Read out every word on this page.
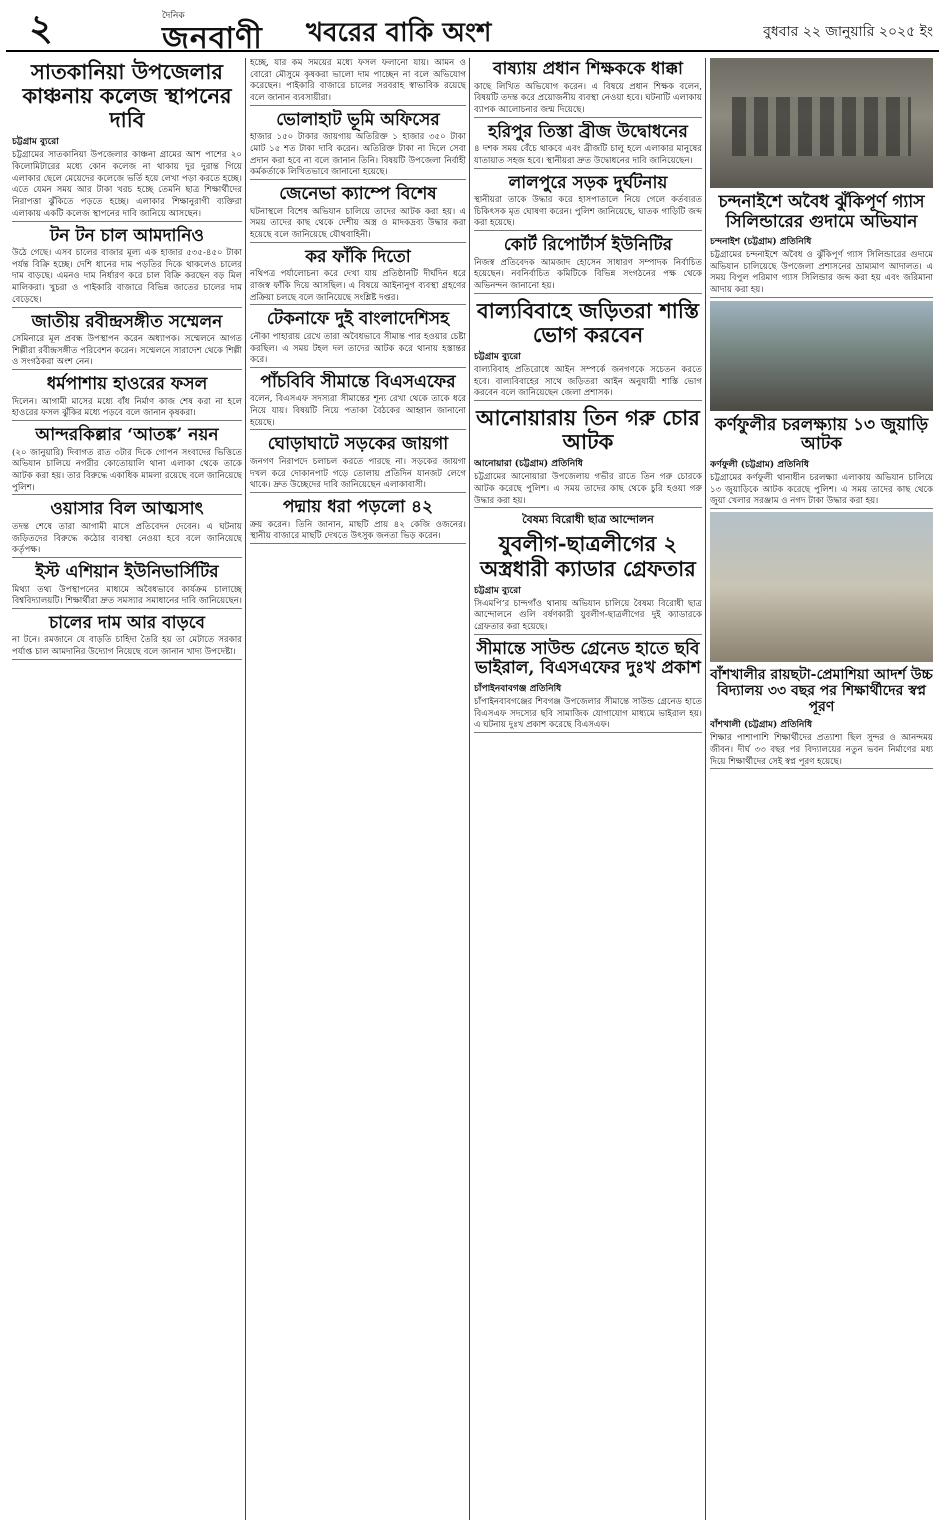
২	দৈনিক
জনবাণী খবরের বাকি অংশ	বুধবার ২২ জানুয়ারি ২০২৫ ইং
সাতকানিয়া উপজেলার কাঞ্চনায় কলেজ স্থাপনের দাবি
চট্টগ্রাম ব্যুরো
চট্টগ্রামের সাতকানিয়া উপজেলার কাঞ্চনা গ্রামের আশ পাশের ২০ কিলোমিটারের মধ্যে কোন কলেজ না থাকায় দুর দুরান্ত গিয়ে এলাকার ছেলে মেয়েদের কলেজে ভর্তি হয়ে লেখা পড়া করতে হচ্ছে। এতে যেমন সময় আর টাকা খরচ হচ্ছে তেমনি ছাত্র শিক্ষার্থীদের নিরাপত্তা ঝুঁকিতে পড়তে হচ্ছে। এলাকার শিক্ষানুরাগী ব্যক্তিরা এলাকায় একটি কলেজ স্থাপনের দাবি জানিয়ে আসছেন।
টন টন চাল আমদানিও
উঠে গেছে। এসব চালের বাজার মূল্য এক হাজার ৫৩৫-৪৫০ টাকা পর্যন্ত বিক্রি হচ্ছে। দেশি ধানের দাম পড়তির দিকে থাকলেও চালের দাম বাড়ছে। এমনও দাম নির্ধারণ করে চাল বিক্রি করছেন বড় মিল মালিকরা। খুচরা ও পাইকারি বাজারে বিভিন্ন জাতের চালের দাম বেড়েছে।
জাতীয় রবীন্দ্রসঙ্গীত সম্মেলন
সেমিনারে মূল প্রবন্ধ উপস্থাপন করেন অধ্যাপক। সম্মেলনে আগত শিল্পীরা রবীন্দ্রসঙ্গীত পরিবেশন করেন। সম্মেলনে সারাদেশ থেকে শিল্পী ও সংগঠকরা অংশ নেন।
ধর্মপাশায় হাওরের ফসল
দিলেন। আগামী মাসের মধ্যে বাঁধ নির্মাণ কাজ শেষ করা না হলে হাওরের ফসল ঝুঁকির মধ্যে পড়বে বলে জানান কৃষকরা।
আন্দরকিল্লার ‘আতঙ্ক’ নয়ন
(২০ জানুয়ারি) দিবাগত রাত ৩টার দিকে গোপন সংবাদের ভিত্তিতে অভিযান চালিয়ে নগরীর কোতোয়ালি থানা এলাকা থেকে তাকে আটক করা হয়। তার বিরুদ্ধে একাধিক মামলা রয়েছে বলে জানিয়েছে পুলিশ।
ওয়াসার বিল আত্মসাৎ
তদন্ত শেষে তারা আগামী মাসে প্রতিবেদন দেবেন। এ ঘটনায় জড়িতদের বিরুদ্ধে কঠোর ব্যবস্থা নেওয়া হবে বলে জানিয়েছে কর্তৃপক্ষ।
ইস্ট এশিয়ান ইউনিভার্সিটির
মিথ্যা তথ্য উপস্থাপনের মাধ্যমে অবৈধভাবে কার্যক্রম চালাচ্ছে বিশ্ববিদ্যালয়টি। শিক্ষার্থীরা দ্রুত সমস্যার সমাধানের দাবি জানিয়েছেন।
চালের দাম আর বাড়বে
না টনে। রমজানে যে বাড়তি চাহিদা তৈরি হয় তা মেটাতে সরকার পর্যাপ্ত চাল আমদানির উদ্যোগ নিয়েছে বলে জানান খাদ্য উপদেষ্টা।
হচ্ছে, যার কম সময়ের মধ্যে ফসল ফলানো যায়। আমন ও বোরো মৌসুমে কৃষকরা ভালো দাম পাচ্ছেন না বলে অভিযোগ করেছেন। পাইকারি বাজারে চালের সরবরাহ স্বাভাবিক রয়েছে বলে জানান ব্যবসায়ীরা।
ভোলাহাট ভূমি অফিসের
হাজার ১৫০ টাকার জায়গায় অতিরিক্ত ১ হাজার ৩৫০ টাকা মোট ১৫ শত টাকা দাবি করেন। অতিরিক্ত টাকা না দিলে সেবা প্রদান করা হবে না বলে জানান তিনি। বিষয়টি উপজেলা নির্বাহী কর্মকর্তাকে লিখিতভাবে জানানো হয়েছে।
জেনেভা ক্যাম্পে বিশেষ
ঘটনাস্থলে বিশেষ অভিযান চালিয়ে তাদের আটক করা হয়। এ সময় তাদের কাছ থেকে দেশীয় অস্ত্র ও মাদকদ্রব্য উদ্ধার করা হয়েছে বলে জানিয়েছে যৌথবাহিনী।
কর ফাঁকি দিতো
নথিপত্র পর্যালোচনা করে দেখা যায় প্রতিষ্ঠানটি দীর্ঘদিন ধরে রাজস্ব ফাঁকি দিয়ে আসছিল। এ বিষয়ে আইনানুগ ব্যবস্থা গ্রহণের প্রক্রিয়া চলছে বলে জানিয়েছে সংশ্লিষ্ট দপ্তর।
টেকনাফে দুই বাংলাদেশিসহ
নৌকা পাহারায় রেখে তারা অবৈধভাবে সীমান্ত পার হওয়ার চেষ্টা করছিল। এ সময় টহল দল তাদের আটক করে থানায় হস্তান্তর করে।
পাঁচবিবি সীমান্তে বিএসএফের
বলেন, বিএসএফ সদস্যরা সীমান্তের শূন্য রেখা থেকে তাকে ধরে নিয়ে যায়। বিষয়টি নিয়ে পতাকা বৈঠকের আহ্বান জানানো হয়েছে।
ঘোড়াঘাটে সড়কের জায়গা
জনগণ নিরাপদে চলাচল করতে পারছে না। সড়কের জায়গা দখল করে দোকানপাট গড়ে তোলায় প্রতিদিন যানজট লেগে থাকে। দ্রুত উচ্ছেদের দাবি জানিয়েছেন এলাকাবাসী।
পদ্মায় ধরা পড়লো ৪২
ক্রয় করেন। তিনি জানান, মাছটি প্রায় ৪২ কেজি ওজনের। স্থানীয় বাজারে মাছটি দেখতে উৎসুক জনতা ভিড় করেন।
বাষ্যায় প্রধান শিক্ষককে ধাক্কা
কাছে লিখিত অভিযোগ করেন। এ বিষয়ে প্রধান শিক্ষক বলেন, বিষয়টি তদন্ত করে প্রয়োজনীয় ব্যবস্থা নেওয়া হবে। ঘটনাটি এলাকায় ব্যাপক আলোচনার জন্ম দিয়েছে।
হরিপুর তিস্তা ব্রীজ উদ্বোধনের
৪ দশক সময় বেঁচে থাকবে এবং ব্রীজটি চালু হলে এলাকার মানুষের যাতায়াত সহজ হবে। স্থানীয়রা দ্রুত উদ্বোধনের দাবি জানিয়েছেন।
লালপুরে সড়ক দুর্ঘটনায়
স্থানীয়রা তাকে উদ্ধার করে হাসপাতালে নিয়ে গেলে কর্তব্যরত চিকিৎসক মৃত ঘোষণা করেন। পুলিশ জানিয়েছে, ঘাতক গাড়িটি জব্দ করা হয়েছে।
কোর্ট রিপোর্টার্স ইউনিটির
নিজস্ব প্রতিবেদক আমজাদ হোসেন সাধারণ সম্পাদক নির্বাচিত হয়েছেন। নবনির্বাচিত কমিটিকে বিভিন্ন সংগঠনের পক্ষ থেকে অভিনন্দন জানানো হয়।
বাল্যবিবাহে জড়িতরা শাস্তি ভোগ করবেন
চট্টগ্রাম ব্যুরো
বাল্যবিবাহ প্রতিরোধে আইন সম্পর্কে জনগণকে সচেতন করতে হবে। বাল্যবিবাহের সাথে জড়িতরা আইন অনুযায়ী শাস্তি ভোগ করবেন বলে জানিয়েছেন জেলা প্রশাসক।
আনোয়ারায় তিন গরু চোর আটক
আনোয়ারা (চট্টগ্রাম) প্রতিনিধি
চট্টগ্রামের আনোয়ারা উপজেলায় গভীর রাতে তিন গরু চোরকে আটক করেছে পুলিশ। এ সময় তাদের কাছ থেকে চুরি হওয়া গরু উদ্ধার করা হয়।
বৈষম্য বিরোধী ছাত্র আন্দোলন
যুবলীগ-ছাত্রলীগের ২ অস্ত্রধারী ক্যাডার গ্রেফতার
চট্টগ্রাম ব্যুরো
সিএমপি’র চান্দগাঁও থানায় অভিযান চালিয়ে বৈষম্য বিরোধী ছাত্র আন্দোলনে গুলি বর্ষণকারী যুবলীগ-ছাত্রলীগের দুই ক্যাডারকে গ্রেফতার করা হয়েছে।
সীমান্তে সাউন্ড গ্রেনেড হাতে ছবি ভাইরাল, বিএসএফের দুঃখ প্রকাশ
চাঁপাইনবাবগঞ্জ প্রতিনিধি
চাঁপাইনবাবগঞ্জের শিবগঞ্জ উপজেলার সীমান্তে সাউন্ড গ্রেনেড হাতে বিএসএফ সদস্যের ছবি সামাজিক যোগাযোগ মাধ্যমে ভাইরাল হয়। এ ঘটনায় দুঃখ প্রকাশ করেছে বিএসএফ।
চন্দনাইশে অবৈধ ঝুঁকিপূর্ণ গ্যাস সিলিন্ডারের গুদামে অভিযান
চন্দনাইশ (চট্টগ্রাম) প্রতিনিধি
চট্টগ্রামের চন্দনাইশে অবৈধ ও ঝুঁকিপূর্ণ গ্যাস সিলিন্ডারের গুদামে অভিযান চালিয়েছে উপজেলা প্রশাসনের ভ্রাম্যমাণ আদালত। এ সময় বিপুল পরিমাণ গ্যাস সিলিন্ডার জব্দ করা হয় এবং জরিমানা আদায় করা হয়।
কর্ণফুলীর চরলক্ষ্যায় ১৩ জুয়াড়ি আটক
কর্ণফুলী (চট্টগ্রাম) প্রতিনিধি
চট্টগ্রামের কর্ণফুলী থানাধীন চরলক্ষ্যা এলাকায় অভিযান চালিয়ে ১৩ জুয়াড়িকে আটক করেছে পুলিশ। এ সময় তাদের কাছ থেকে জুয়া খেলার সরঞ্জাম ও নগদ টাকা উদ্ধার করা হয়।
বাঁশখালীর রায়ছটা-প্রেমাশিয়া আদর্শ উচ্চ বিদ্যালয় ৩৩ বছর পর শিক্ষার্থীদের স্বপ্ন পূরণ
বাঁশখালী (চট্টগ্রাম) প্রতিনিধি
শিক্ষার পাশাপাশি শিক্ষার্থীদের প্রত্যাশা ছিল সুন্দর ও আনন্দময় জীবন। দীর্ঘ ৩৩ বছর পর বিদ্যালয়ের নতুন ভবন নির্মাণের মধ্য দিয়ে শিক্ষার্থীদের সেই স্বপ্ন পূরণ হয়েছে।
